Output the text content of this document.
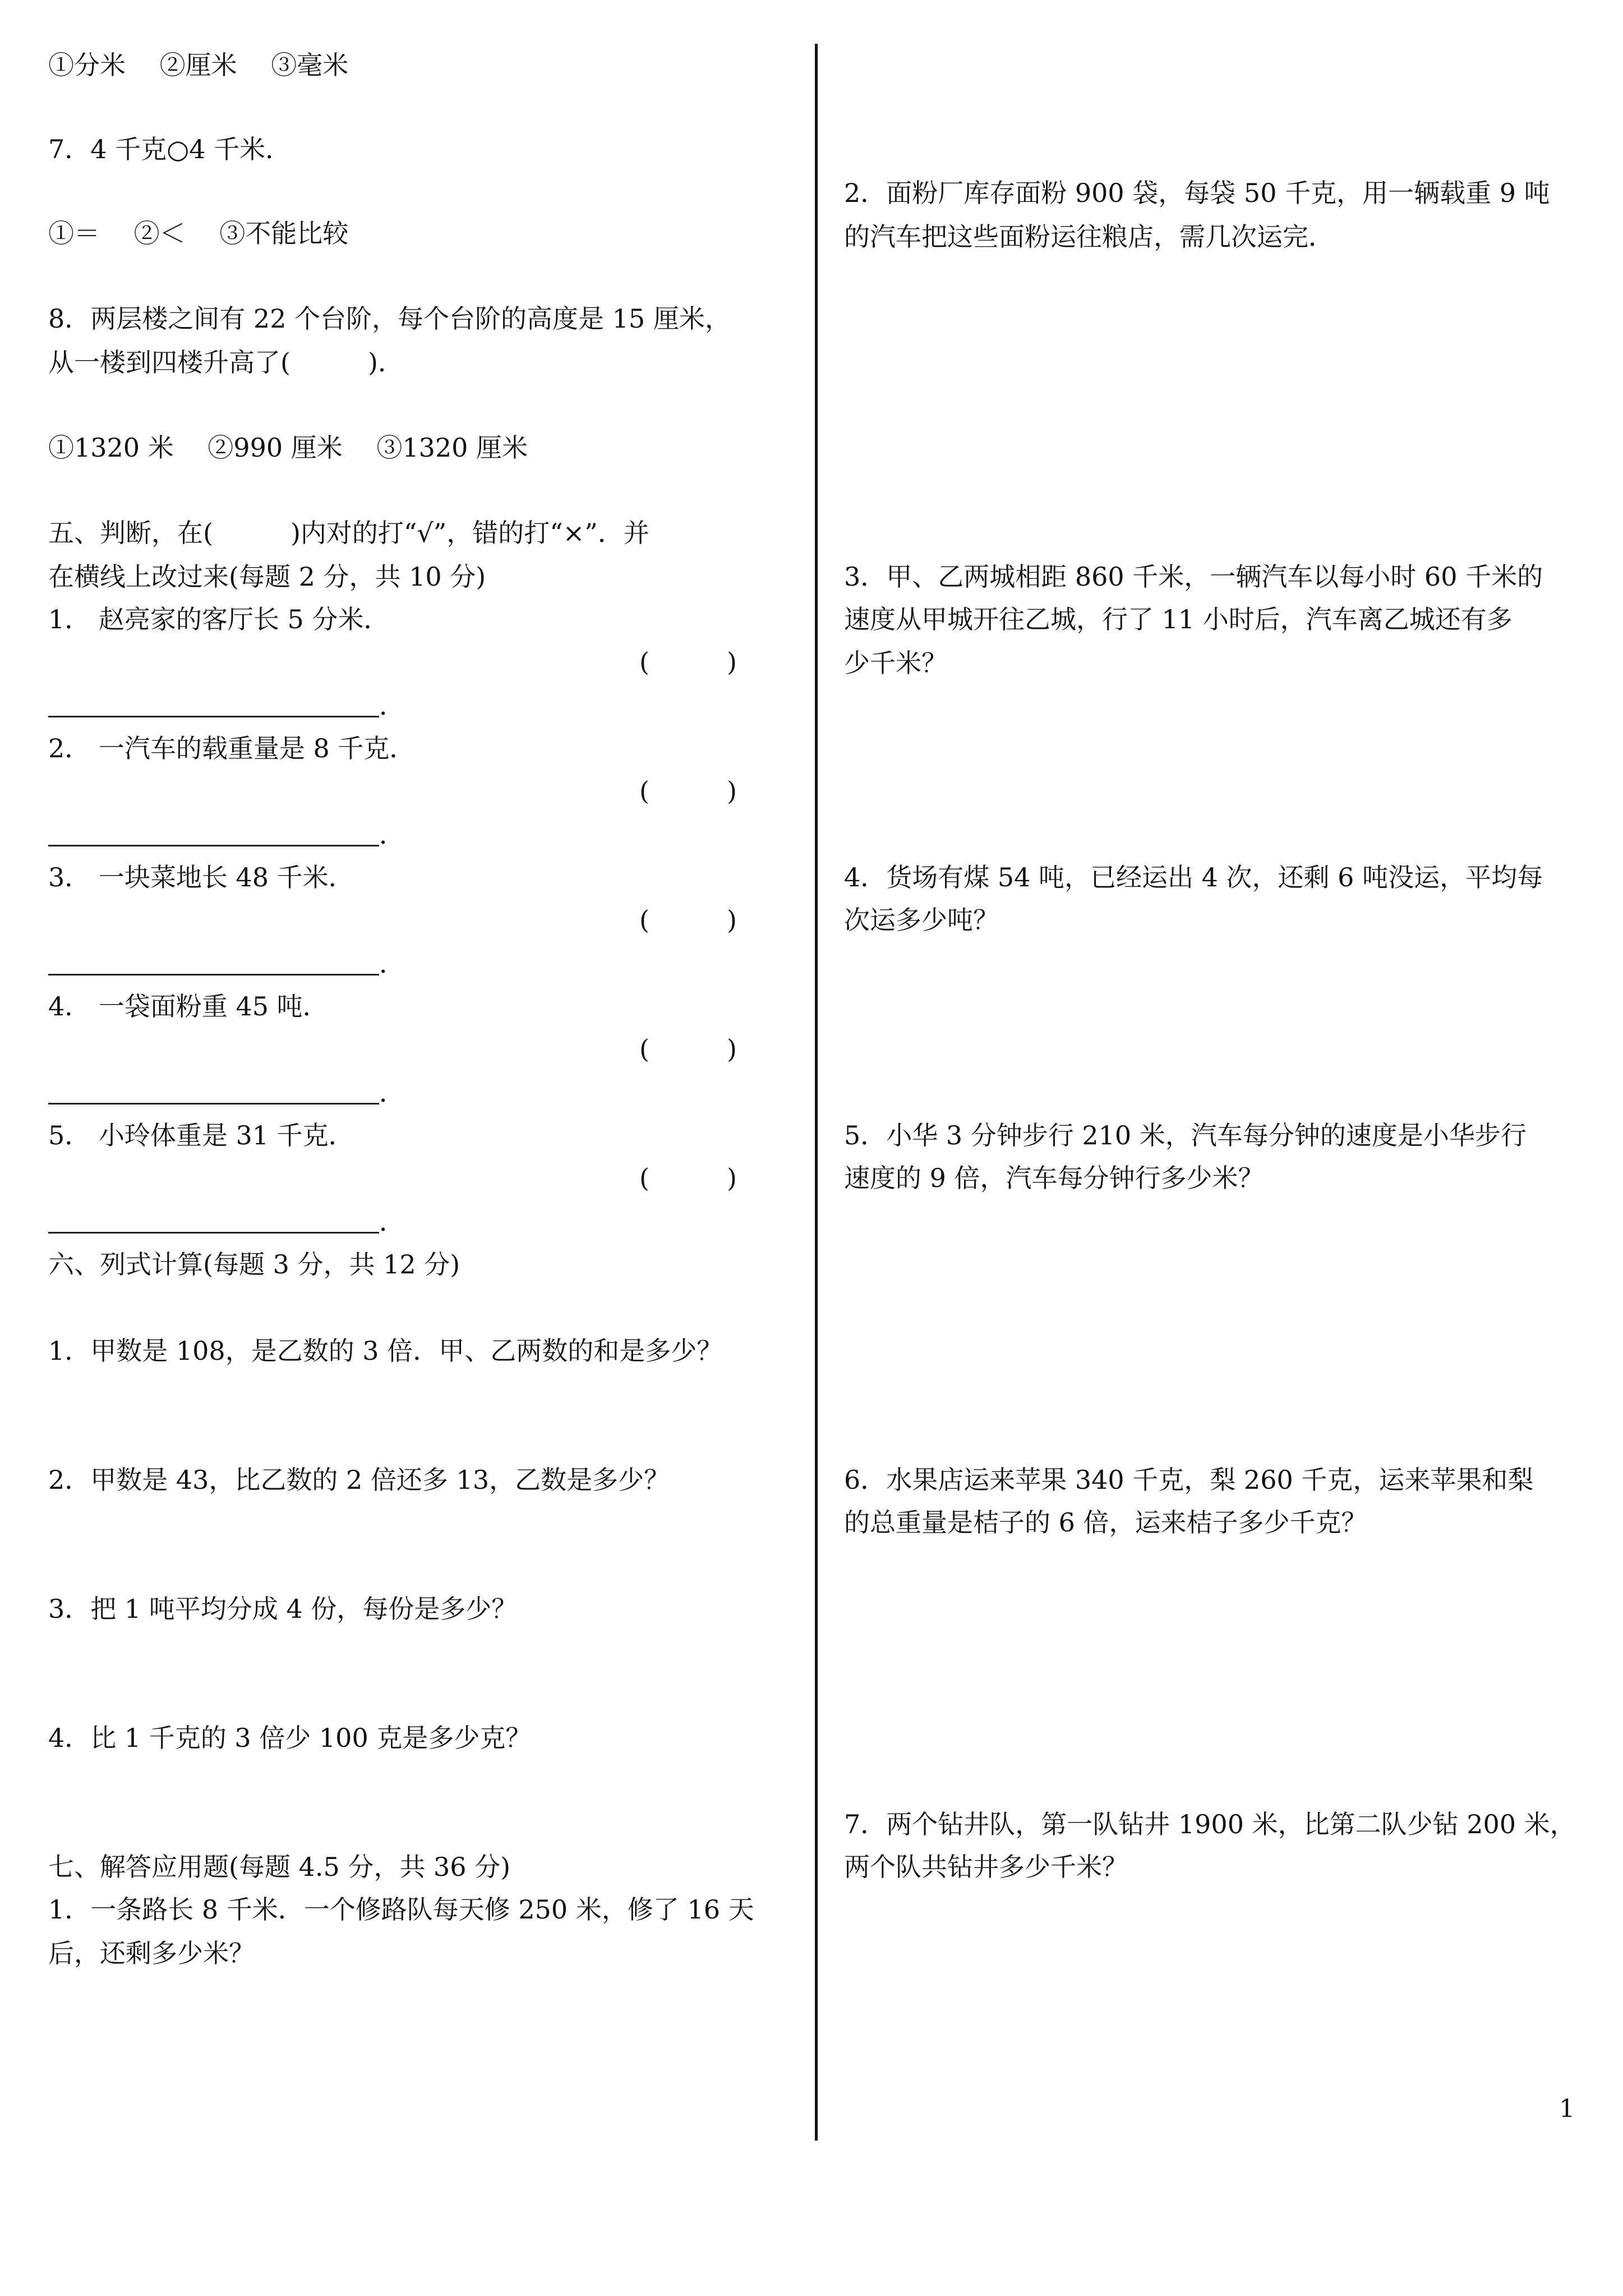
①分米　 ②厘米　 ③毫米

7．4 千克○4 千米．

①＝　 ②＜　 ③不能比较

8．两层楼之间有 22 个台阶，每个台阶的高度是 15 厘米，

从一楼到四楼升高了(　　　)．

①1320 米　 ②990 厘米　 ③1320 厘米

五、判断，在(　　　)内对的打“√”，错的打“×”．并

在横线上改过来(每题 2 分，共 10 分)

1． 赵亮家的客厅长 5 分米．

(　　　)

．

2． 一汽车的载重量是 8 千克．

(　　　)

．

3． 一块菜地长 48 千米．

(　　　)

．

4． 一袋面粉重 45 吨．

(　　　)

．

5． 小玲体重是 31 千克．

(　　　)

．

六、列式计算(每题 3 分，共 12 分)

1．甲数是 108，是乙数的 3 倍．甲、乙两数的和是多少？

2．甲数是 43，比乙数的 2 倍还多 13，乙数是多少？

3．把 1 吨平均分成 4 份，每份是多少？

4．比 1 千克的 3 倍少 100 克是多少克？

七、解答应用题(每题 4.5 分，共 36 分)

1．一条路长 8 千米．一个修路队每天修 250 米，修了 16 天

后，还剩多少米？

2．面粉厂库存面粉 900 袋，每袋 50 千克，用一辆载重 9 吨

的汽车把这些面粉运往粮店，需几次运完．

3．甲、乙两城相距 860 千米，一辆汽车以每小时 60 千米的

速度从甲城开往乙城，行了 11 小时后，汽车离乙城还有多

少千米？

4．货场有煤 54 吨，已经运出 4 次，还剩 6 吨没运，平均每

次运多少吨？

5．小华 3 分钟步行 210 米，汽车每分钟的速度是小华步行

速度的 9 倍，汽车每分钟行多少米？

6．水果店运来苹果 340 千克，梨 260 千克，运来苹果和梨

的总重量是桔子的 6 倍，运来桔子多少千克？

7．两个钻井队，第一队钻井 1900 米，比第二队少钻 200 米，

两个队共钻井多少千米？

1
